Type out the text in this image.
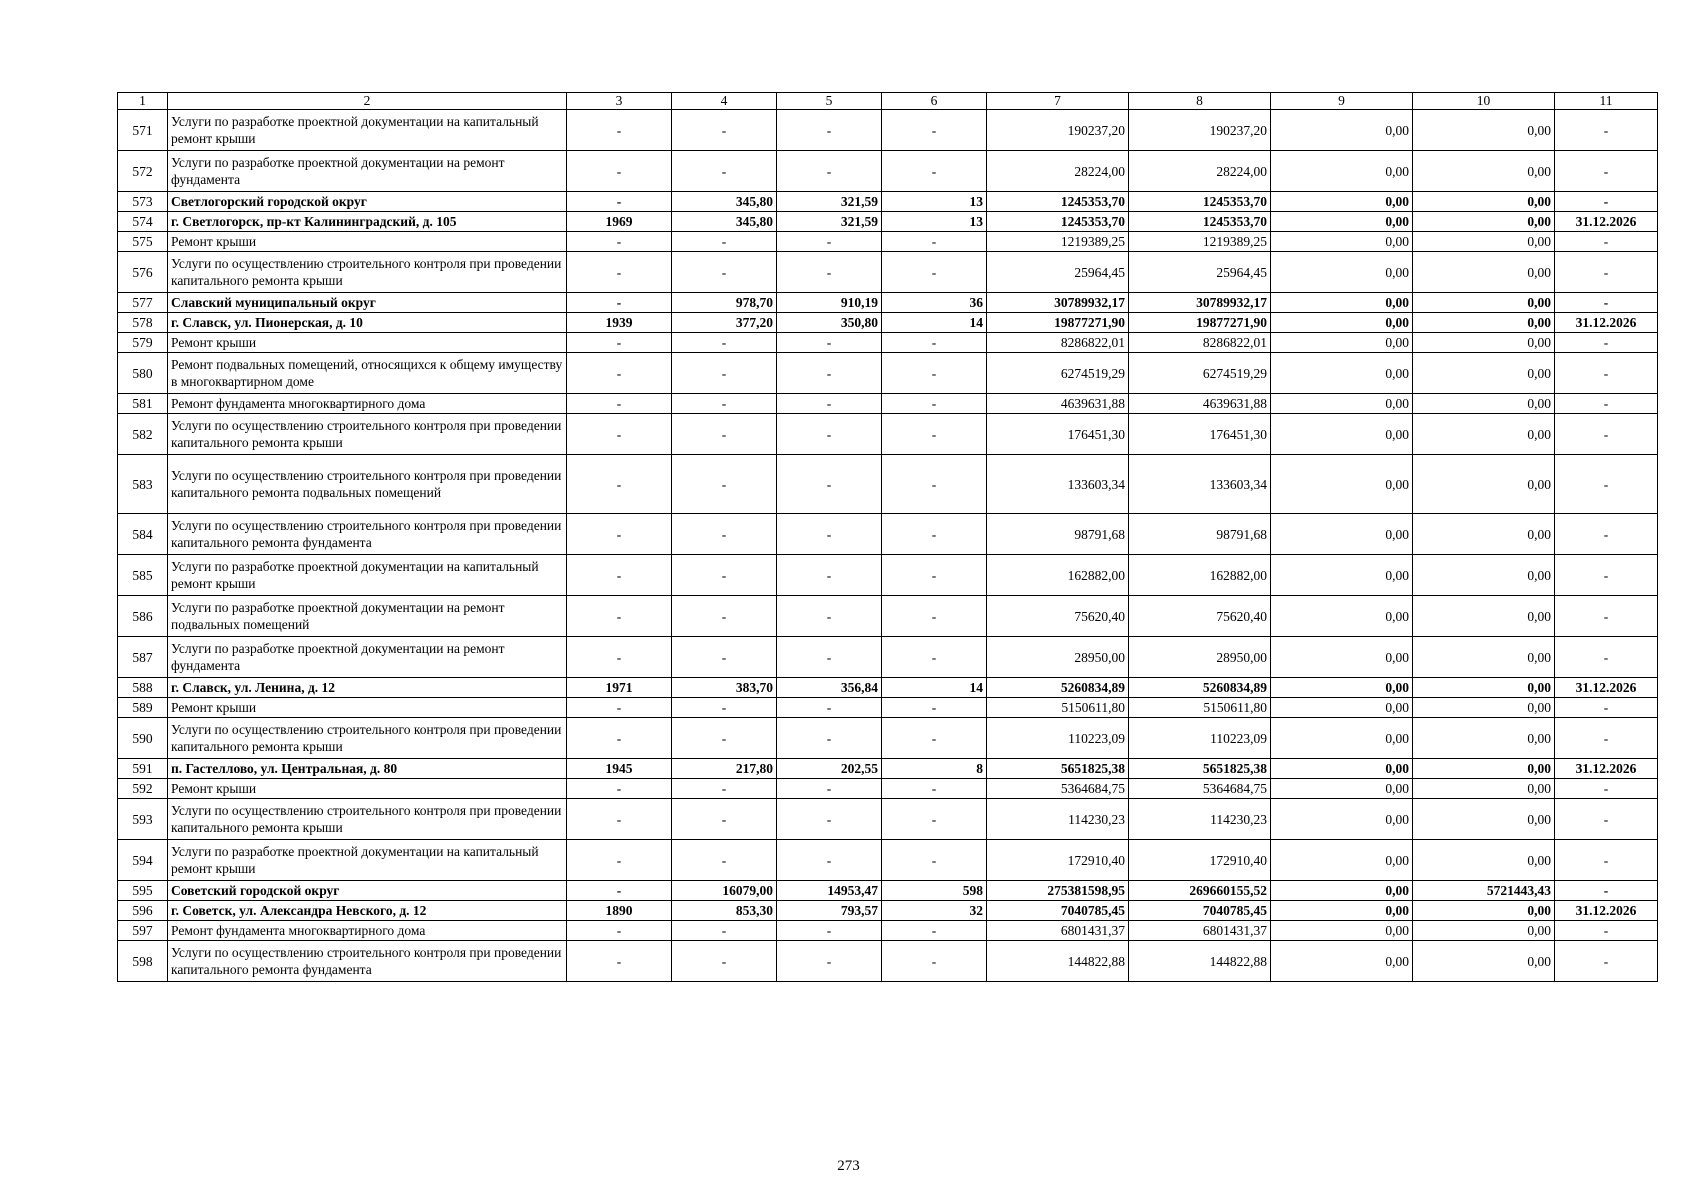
1	2	3	4	5	6	7	8	9	10	11
571	Услуги по разработке проектной документации на капитальный ремонт крыши	-	-	-	-	190237,20	190237,20	0,00	0,00	-
572	Услуги по разработке проектной документации на ремонт фундамента	-	-	-	-	28224,00	28224,00	0,00	0,00	-
573	Светлогорский городской округ	-	345,80	321,59	13	1245353,70	1245353,70	0,00	0,00	-
574	г. Светлогорск, пр-кт Калининградский, д. 105	1969	345,80	321,59	13	1245353,70	1245353,70	0,00	0,00	31.12.2026
575	Ремонт крыши	-	-	-	-	1219389,25	1219389,25	0,00	0,00	-
576	Услуги по осуществлению строительного контроля при проведении капитального ремонта крыши	-	-	-	-	25964,45	25964,45	0,00	0,00	-
577	Славский муниципальный округ	-	978,70	910,19	36	30789932,17	30789932,17	0,00	0,00	-
578	г. Славск, ул. Пионерская, д. 10	1939	377,20	350,80	14	19877271,90	19877271,90	0,00	0,00	31.12.2026
579	Ремонт крыши	-	-	-	-	8286822,01	8286822,01	0,00	0,00	-
580	Ремонт подвальных помещений, относящихся к общему имуществу в многоквартирном доме	-	-	-	-	6274519,29	6274519,29	0,00	0,00	-
581	Ремонт фундамента многоквартирного дома	-	-	-	-	4639631,88	4639631,88	0,00	0,00	-
582	Услуги по осуществлению строительного контроля при проведении капитального ремонта крыши	-	-	-	-	176451,30	176451,30	0,00	0,00	-
583	Услуги по осуществлению строительного контроля при проведении капитального ремонта подвальных помещений	-	-	-	-	133603,34	133603,34	0,00	0,00	-
584	Услуги по осуществлению строительного контроля при проведении капитального ремонта фундамента	-	-	-	-	98791,68	98791,68	0,00	0,00	-
585	Услуги по разработке проектной документации на капитальный ремонт крыши	-	-	-	-	162882,00	162882,00	0,00	0,00	-
586	Услуги по разработке проектной документации на ремонт подвальных помещений	-	-	-	-	75620,40	75620,40	0,00	0,00	-
587	Услуги по разработке проектной документации на ремонт фундамента	-	-	-	-	28950,00	28950,00	0,00	0,00	-
588	г. Славск, ул. Ленина, д. 12	1971	383,70	356,84	14	5260834,89	5260834,89	0,00	0,00	31.12.2026
589	Ремонт крыши	-	-	-	-	5150611,80	5150611,80	0,00	0,00	-
590	Услуги по осуществлению строительного контроля при проведении капитального ремонта крыши	-	-	-	-	110223,09	110223,09	0,00	0,00	-
591	п. Гастеллово, ул. Центральная, д. 80	1945	217,80	202,55	8	5651825,38	5651825,38	0,00	0,00	31.12.2026
592	Ремонт крыши	-	-	-	-	5364684,75	5364684,75	0,00	0,00	-
593	Услуги по осуществлению строительного контроля при проведении капитального ремонта крыши	-	-	-	-	114230,23	114230,23	0,00	0,00	-
594	Услуги по разработке проектной документации на капитальный ремонт крыши	-	-	-	-	172910,40	172910,40	0,00	0,00	-
595	Советский городской округ	-	16079,00	14953,47	598	275381598,95	269660155,52	0,00	5721443,43	-
596	г. Советск, ул. Александра Невского, д. 12	1890	853,30	793,57	32	7040785,45	7040785,45	0,00	0,00	31.12.2026
597	Ремонт фундамента многоквартирного дома	-	-	-	-	6801431,37	6801431,37	0,00	0,00	-
598	Услуги по осуществлению строительного контроля при проведении капитального ремонта фундамента	-	-	-	-	144822,88	144822,88	0,00	0,00	-
273
